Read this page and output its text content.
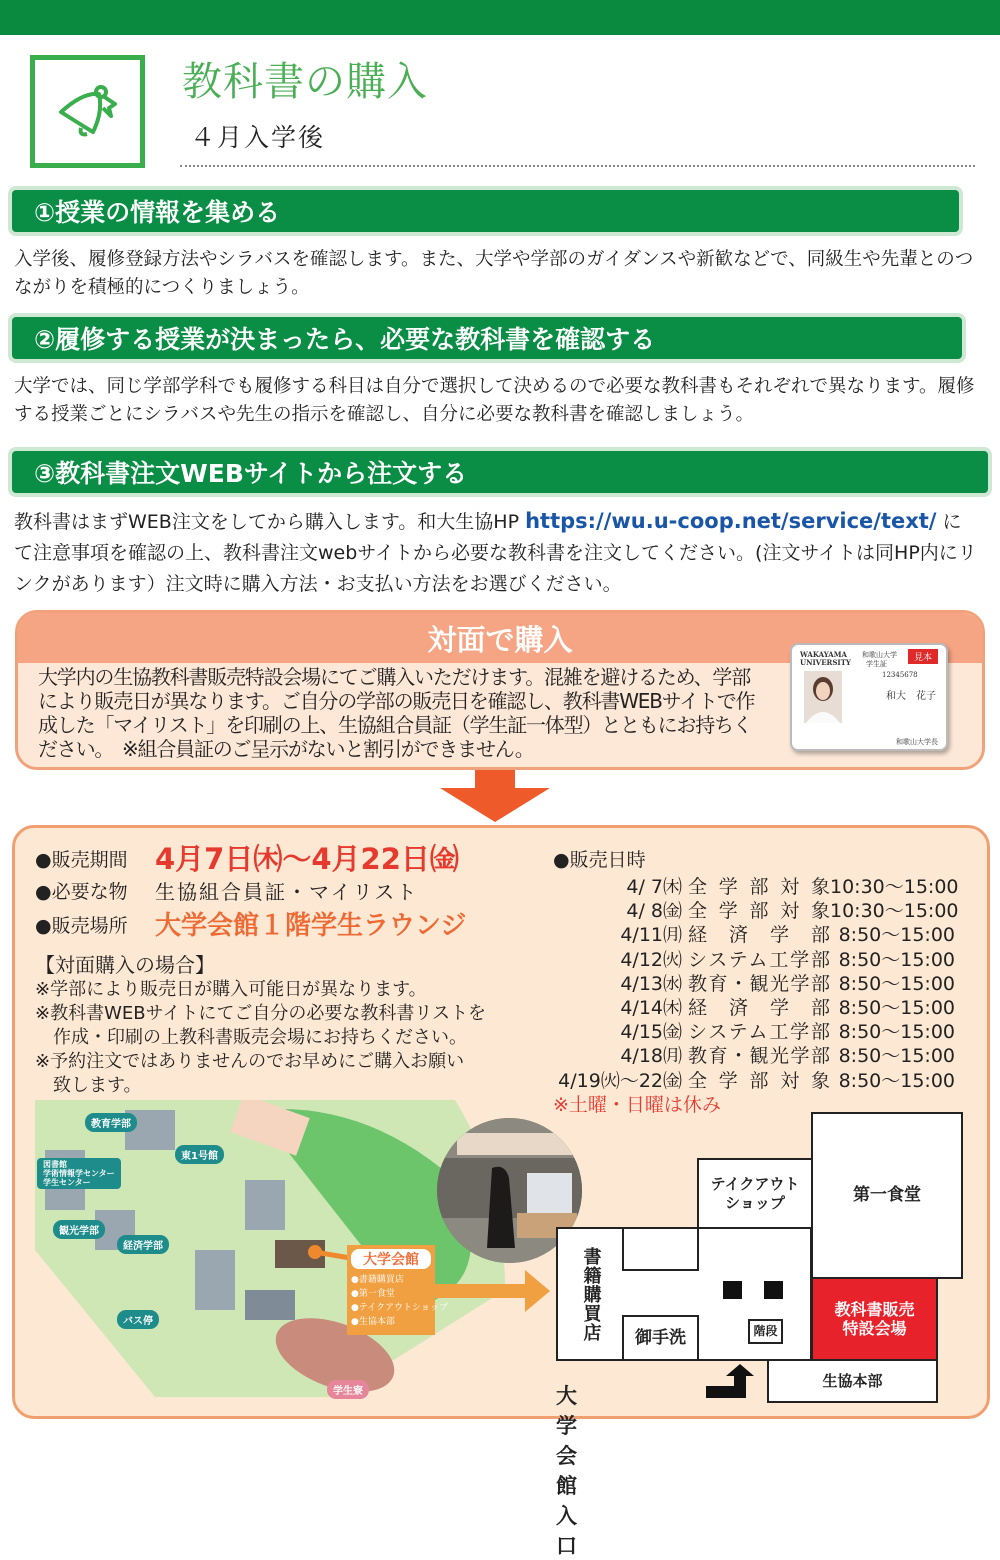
教科書の購入
４月入学後
①授業の情報を集める
入学後、履修登録方法やシラバスを確認します。また、大学や学部のガイダンスや新歓などで、同級生や先輩とのつながりを積極的につくりましょう。
②履修する授業が決まったら、必要な教科書を確認する
大学では、同じ学部学科でも履修する科目は自分で選択して決めるので必要な教科書もそれぞれで異なります。履修する授業ごとにシラバスや先生の指示を確認し、自分に必要な教科書を確認しましょう。
③教科書注文WEBサイトから注文する
教科書はまずWEB注文をしてから購入します。和大生協HP https://wu.u-coop.net/service/text/ にて注意事項を確認の上、教科書注文webサイトから必要な教科書を注文してください。(注文サイトは同HP内にリンクがあります）注文時に購入方法・お支払い方法をお選びください。
対面で購入
大学内の生協教科書販売特設会場にてご購入いただけます。混雑を避けるため、学部により販売日が異なります。ご自分の学部の販売日を確認し、教科書WEBサイトで作成した「マイリスト」を印刷の上、生協組合員証（学生証一体型）とともにお持ちください。　※組合員証のご呈示がないと割引ができません。
WAKAYAMA UNIVERSITY
和歌山大学
学生証
見本
12345678
和大　花子
和歌山大学長
●販売期間 4月7日㈭～4月22日㈮
●必要な物 生協組合員証・マイリスト
●販売場所 大学会館１階学生ラウンジ
【対面購入の場合】
※学部により販売日が購入可能日が異なります。
※教科書WEBサイトにてご自分の必要な教科書リストを
　作成・印刷の上教科書販売会場にお持ちください。
※予約注文ではありませんのでお早めにご購入お願い
　致します。
●販売日時
4/ 7㈭ 全学部対象 10:30～15:00
4/ 8㈮ 全学部対象 10:30～15:00
4/11㈪ 経済学部 8:50～15:00
4/12㈫ システム工学部 8:50～15:00
4/13㈬ 教育・観光学部 8:50～15:00
4/14㈭ 経済学部 8:50～15:00
4/15㈮ システム工学部 8:50～15:00
4/18㈪ 教育・観光学部 8:50～15:00
4/19㈫～22㈮ 全学部対象 8:50～15:00
※土曜・日曜は休み
教育学部
東1号館
図書館
学術情報学センター
学生センター
観光学部
経済学部
バス停
学生寮
大学会館
●書籍購買店
●第一食堂
●テイクアウトショップ
●生協本部	書籍購買店
テイクアウト
ショップ	第一食堂
御手洗	階段
教科書販売
特設会場
生協本部
大学会館入口
